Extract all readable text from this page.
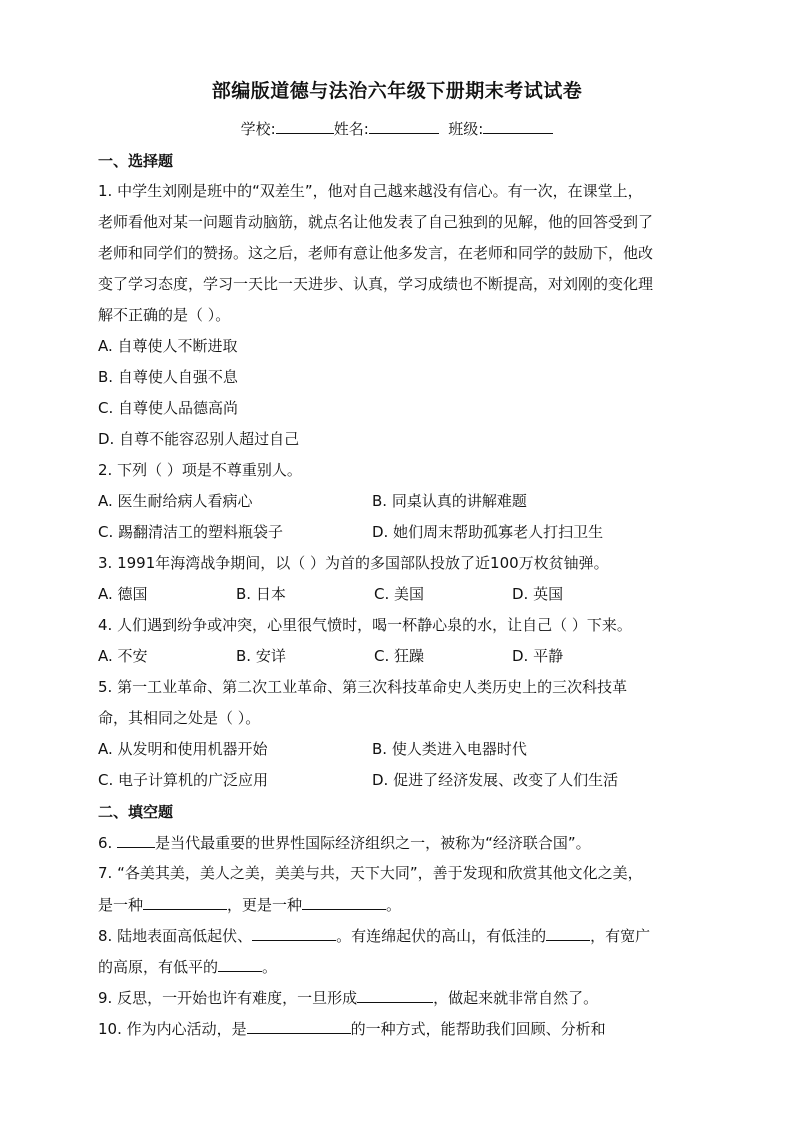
部编版道德与法治六年级下册期末考试试卷
学校:	姓名:	班级:
一、选择题
1. 中学生刘刚是班中的“双差生”，他对自己越来越没有信心。有一次，在课堂上，
老师看他对某一问题肯动脑筋，就点名让他发表了自己独到的见解，他的回答受到了
老师和同学们的赞扬。这之后，老师有意让他多发言，在老师和同学的鼓励下，他改
变了学习态度，学习一天比一天进步、认真，学习成绩也不断提高，对刘刚的变化理
解不正确的是（ ）。
A. 自尊使人不断进取
B. 自尊使人自强不息
C. 自尊使人品德高尚
D. 自尊不能容忍别人超过自己
2. 下列（ ）项是不尊重别人。
A. 医生耐给病人看病心	B. 同桌认真的讲解难题
C. 踢翻清洁工的塑料瓶袋子	D. 她们周末帮助孤寡老人打扫卫生
3. 1991年海湾战争期间，以（ ）为首的多国部队投放了近100万枚贫铀弹。
A. 德国	B. 日本	C. 美国	D. 英国
4. 人们遇到纷争或冲突，心里很气愤时，喝一杯静心泉的水，让自己（ ）下来。
A. 不安	B. 安详	C. 狂躁	D. 平静
5. 第一工业革命、第二次工业革命、第三次科技革命史人类历史上的三次科技革
命，其相同之处是（ ）。
A. 从发明和使用机器开始	B. 使人类进入电器时代
C. 电子计算机的广泛应用	D. 促进了经济发展、改变了人们生活
二、填空题
6.	是当代最重要的世界性国际经济组织之一，被称为“经济联合国”。
7. “各美其美，美人之美，美美与共，天下大同”，善于发现和欣赏其他文化之美，
是一种	，更是一种	。
8. 陆地表面高低起伏、	。有连绵起伏的高山，有低洼的	，有宽广
的高原，有低平的	。
9. 反思，一开始也许有难度，一旦形成	，做起来就非常自然了。
10. 作为内心活动，是	的一种方式，能帮助我们回顾、分析和
